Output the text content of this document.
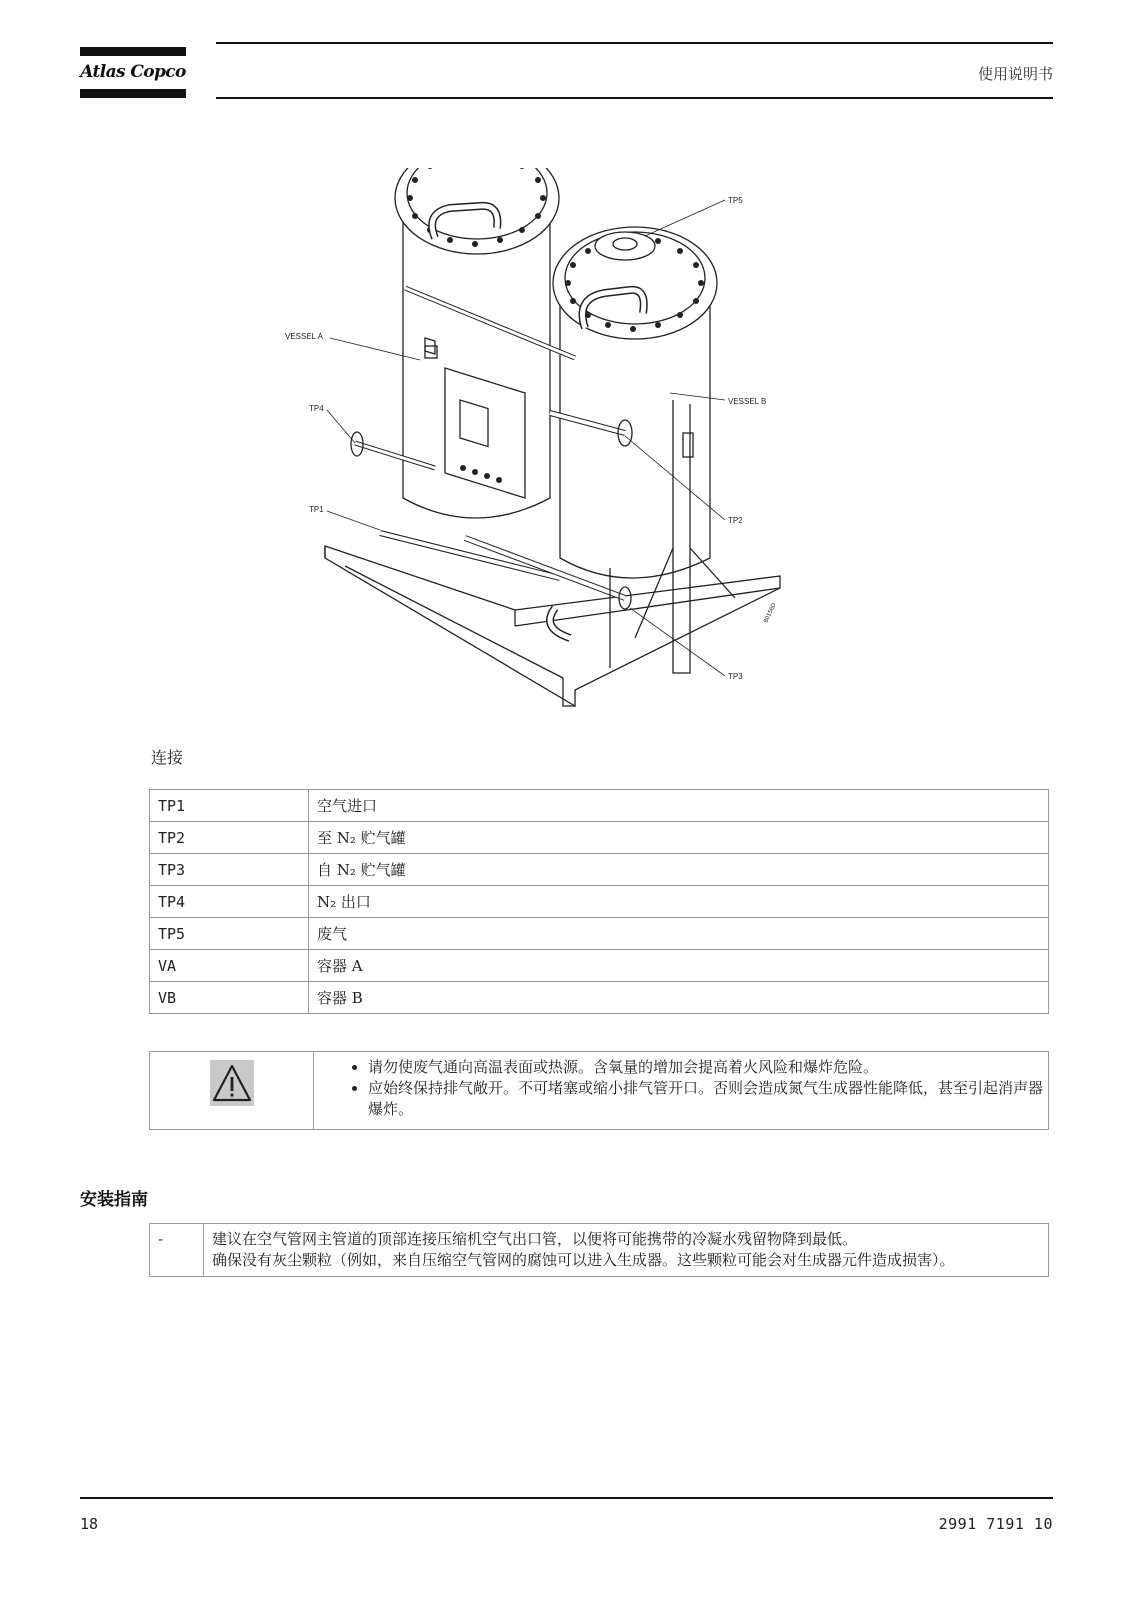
Atlas Copco	使用说明书
TP5
VESSEL A
VESSEL B
TP4
TP1
TP2
TP3
80156D
连接
TP1	空气进口
TP2	至 N₂ 贮气罐
TP3	自 N₂ 贮气罐
TP4	N₂ 出口
TP5	废气
VA	容器 A
VB	容器 B

• 请勿使废气通向高温表面或热源。含氧量的增加会提高着火风险和爆炸危险。
• 应始终保持排气敞开。不可堵塞或缩小排气管开口。否则会造成氮气生成器性能降低，甚至引起消声器爆炸。
安装指南
-	建议在空气管网主管道的顶部连接压缩机空气出口管，以便将可能携带的冷凝水残留物降到最低。
确保没有灰尘颗粒（例如，来自压缩空气管网的腐蚀可以进入生成器。这些颗粒可能会对生成器元件造成损害）。
18	2991 7191 10
